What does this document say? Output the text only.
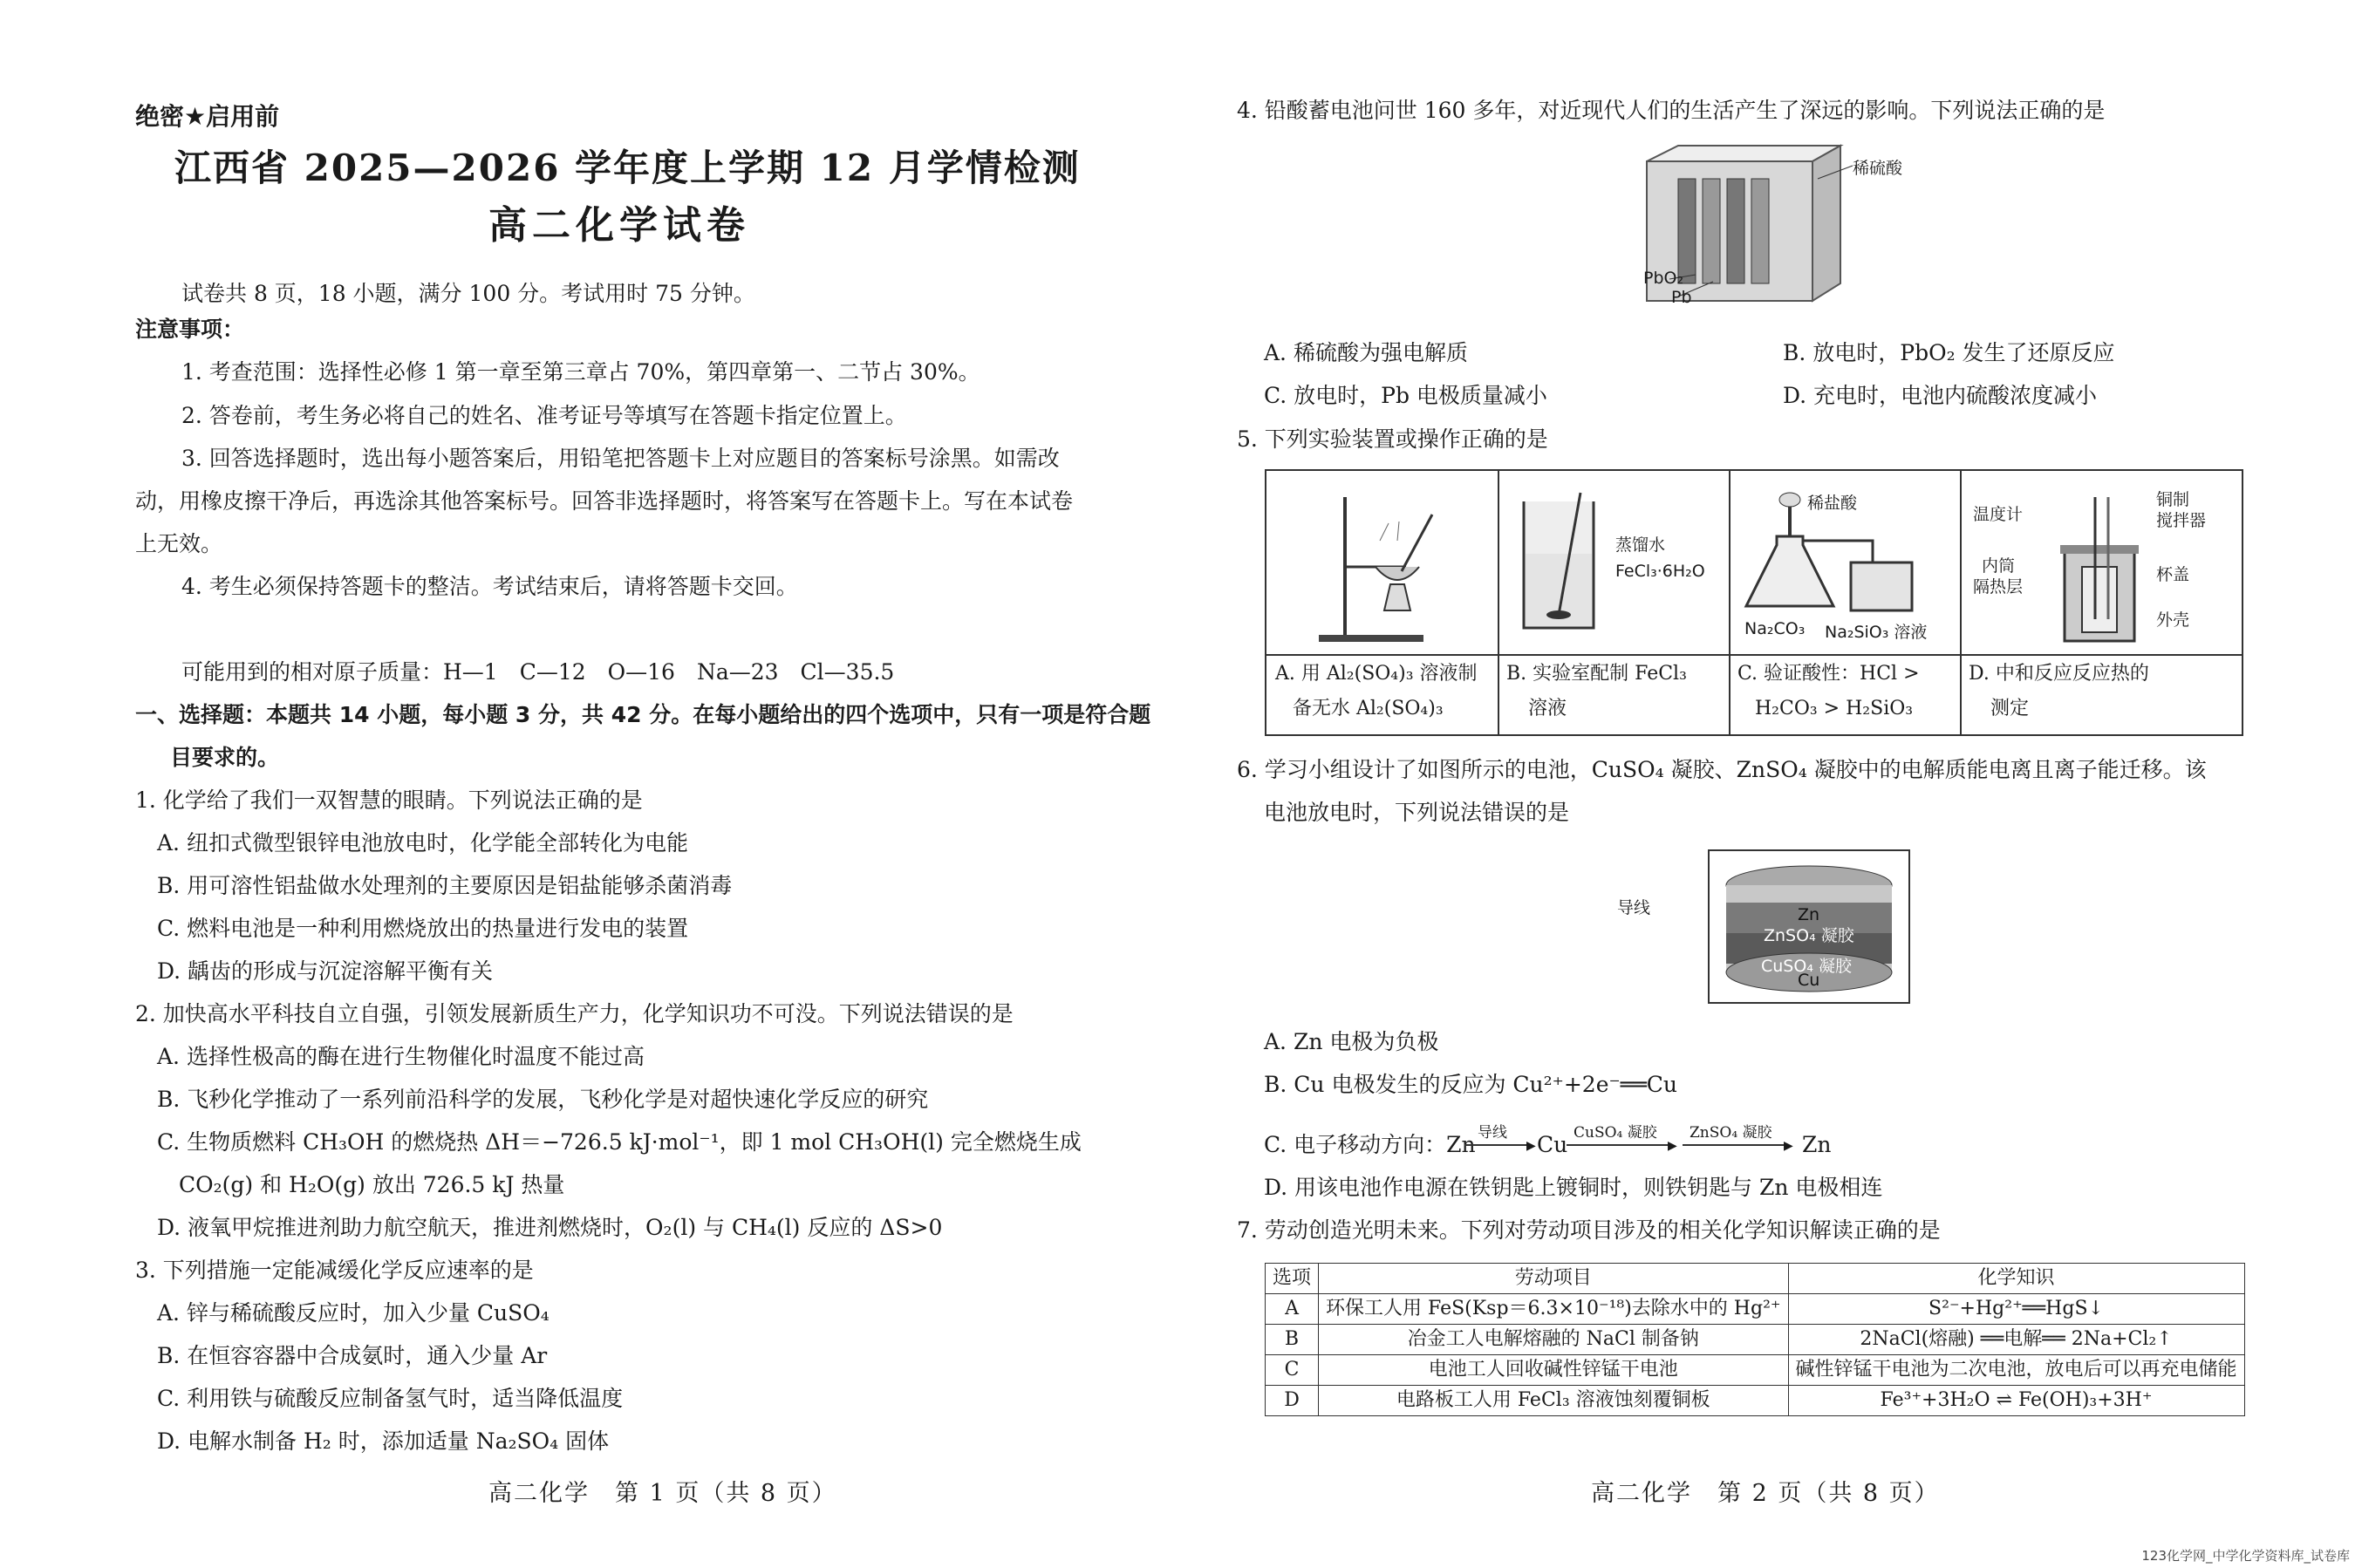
绝密★启用前
江西省 2025—2026 学年度上学期 12 月学情检测
高二化学试卷
试卷共 8 页，18 小题，满分 100 分。考试用时 75 分钟。
注意事项：
1. 考查范围：选择性必修 1 第一章至第三章占 70%，第四章第一、二节占 30%。
2. 答卷前，考生务必将自己的姓名、准考证号等填写在答题卡指定位置上。
3. 回答选择题时，选出每小题答案后，用铅笔把答题卡上对应题目的答案标号涂黑。如需改
动，用橡皮擦干净后，再选涂其他答案标号。回答非选择题时，将答案写在答题卡上。写在本试卷
上无效。
4. 考生必须保持答题卡的整洁。考试结束后，请将答题卡交回。
可能用到的相对原子质量：H—1　C—12　O—16　Na—23　Cl—35.5
一、选择题：本题共 14 小题，每小题 3 分，共 42 分。在每小题给出的四个选项中，只有一项是符合题
目要求的。
1. 化学给了我们一双智慧的眼睛。下列说法正确的是
A. 纽扣式微型银锌电池放电时，化学能全部转化为电能
B. 用可溶性铝盐做水处理剂的主要原因是铝盐能够杀菌消毒
C. 燃料电池是一种利用燃烧放出的热量进行发电的装置
D. 龋齿的形成与沉淀溶解平衡有关
2. 加快高水平科技自立自强，引领发展新质生产力，化学知识功不可没。下列说法错误的是
A. 选择性极高的酶在进行生物催化时温度不能过高
B. 飞秒化学推动了一系列前沿科学的发展，飞秒化学是对超快速化学反应的研究
C. 生物质燃料 CH₃OH 的燃烧热 ΔH＝−726.5 kJ·mol⁻¹，即 1 mol CH₃OH(l) 完全燃烧生成
CO₂(g) 和 H₂O(g) 放出 726.5 kJ 热量
D. 液氧甲烷推进剂助力航空航天，推进剂燃烧时，O₂(l) 与 CH₄(l) 反应的 ΔS>0
3. 下列措施一定能减缓化学反应速率的是
A. 锌与稀硫酸反应时，加入少量 CuSO₄
B. 在恒容容器中合成氨时，通入少量 Ar
C. 利用铁与硫酸反应制备氢气时，适当降低温度
D. 电解水制备 H₂ 时，添加适量 Na₂SO₄ 固体
高二化学　第 1 页（共 8 页）
4. 铅酸蓄电池问世 160 多年，对近现代人们的生活产生了深远的影响。下列说法正确的是
稀硫酸
PbO₂
Pb
A. 稀硫酸为强电解质	B. 放电时，PbO₂ 发生了还原反应
C. 放电时，Pb 电极质量减小	D. 充电时，电池内硫酸浓度减小
5. 下列实验装置或操作正确的是
蒸馏水
FeCl₃·6H₂O
稀盐酸
Na₂CO₃ Na₂SiO₃ 溶液
温度计
铜制
搅拌器
内筒
隔热层
杯盖
外壳
A. 用 Al₂(SO₄)₃ 溶液制
备无水 Al₂(SO₄)₃
B. 实验室配制 FeCl₃
溶液
C. 验证酸性：HCl >
H₂CO₃ > H₂SiO₃
D. 中和反应反应热的
测定
6. 学习小组设计了如图所示的电池，CuSO₄ 凝胶、ZnSO₄ 凝胶中的电解质能电离且离子能迁移。该
电池放电时，下列说法错误的是
导线	Zn
ZnSO₄ 凝胶
CuSO₄ 凝胶
Cu
A. Zn 电极为负极
B. Cu 电极发生的反应为 Cu²⁺+2e⁻══Cu
C. 电子移动方向：Zn 导线
▶ Cu CuSO₄ 凝胶
▶
ZnSO₄ 凝胶
▶ Zn
D. 用该电池作电源在铁钥匙上镀铜时，则铁钥匙与 Zn 电极相连
7. 劳动创造光明未来。下列对劳动项目涉及的相关化学知识解读正确的是
选项	劳动项目	化学知识
A	环保工人用 FeS(Ksp＝6.3×10⁻¹⁸)去除水中的 Hg²⁺	S²⁻+Hg²⁺══HgS↓
B	冶金工人电解熔融的 NaCl 制备钠	2NaCl(熔融) ══电解══ 2Na+Cl₂↑
C	电池工人回收碱性锌锰干电池	碱性锌锰干电池为二次电池，放电后可以再充电储能
D	电路板工人用 FeCl₃ 溶液蚀刻覆铜板	Fe³⁺+3H₂O ⇌ Fe(OH)₃+3H⁺
高二化学　第 2 页（共 8 页）
123化学网_中学化学资料库_试卷库
